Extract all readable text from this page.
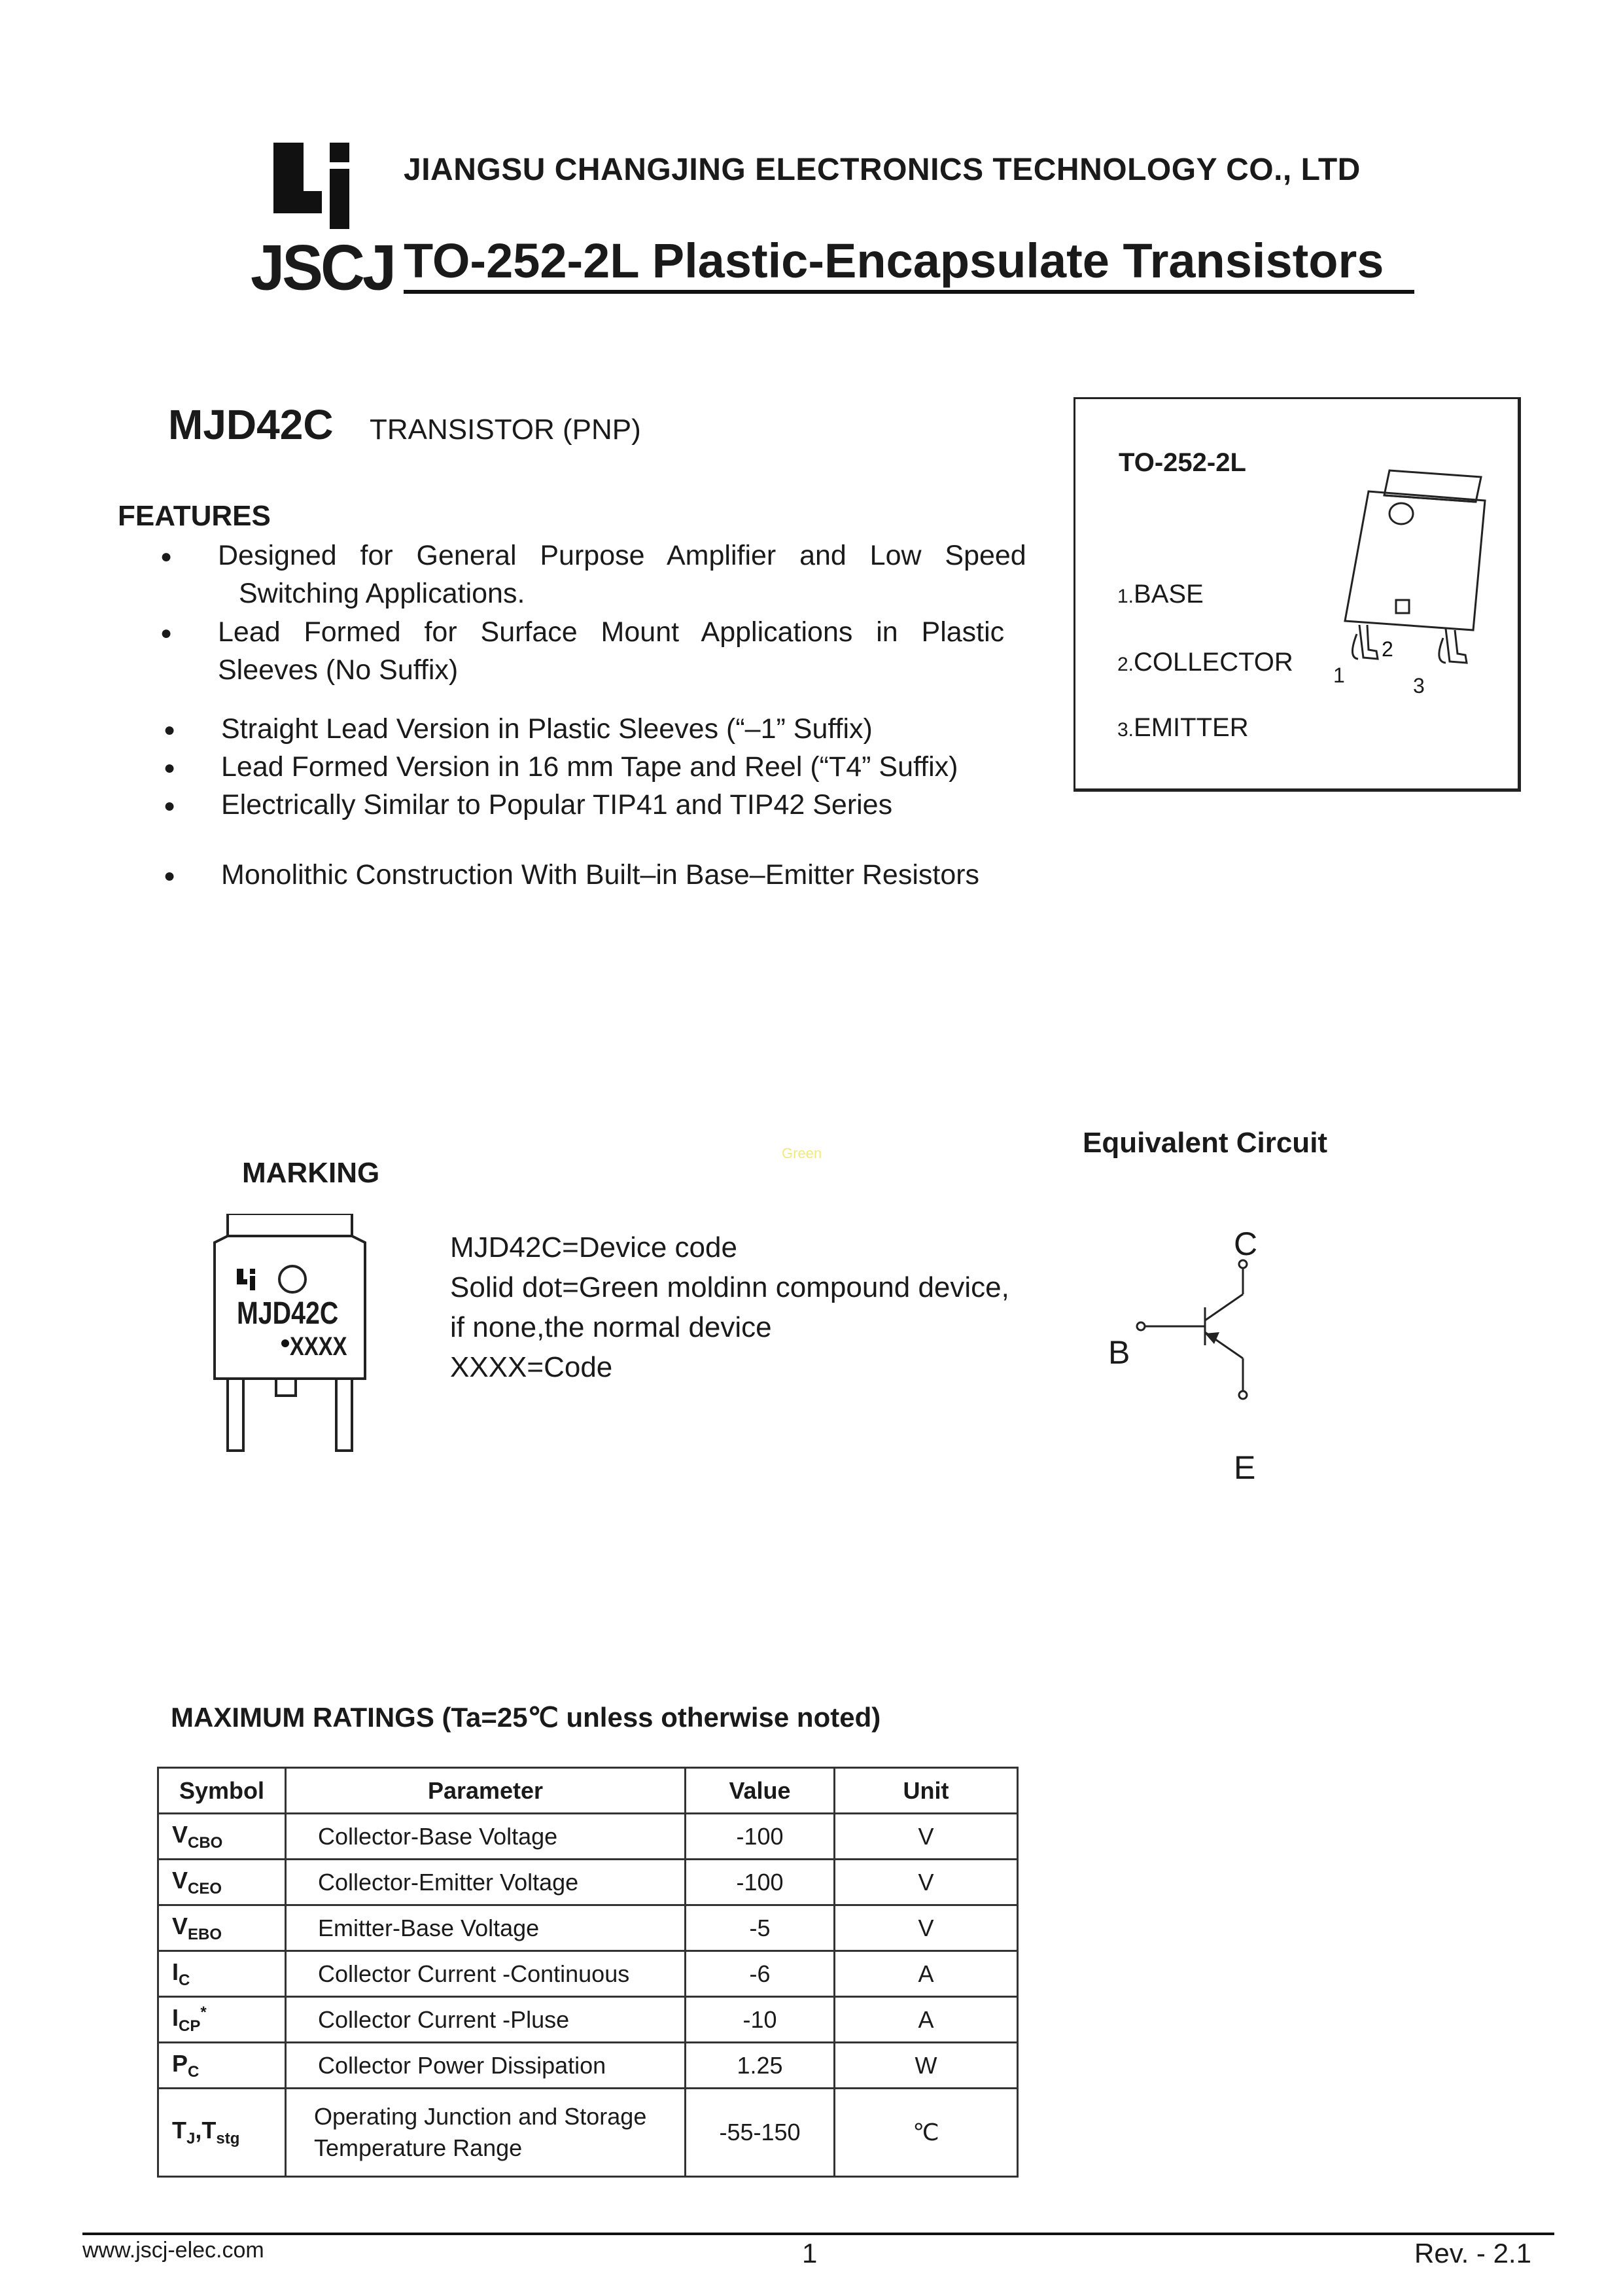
JSCJ
JIANGSU CHANGJING ELECTRONICS TECHNOLOGY CO., LTD
TO-252-2L Plastic-Encapsulate Transistors
MJD42C TRANSISTOR (PNP)
FEATURES
● Designed   for   General   Purpose   Amplifier   and   Low   Speed
Switching Applications.
● Lead   Formed   for   Surface   Mount   Applications   in   Plastic
Sleeves (No Suffix)
● Straight Lead Version in Plastic Sleeves (“–1” Suffix)
● Lead Formed Version in 16 mm Tape and Reel (“T4” Suffix)
● Electrically Similar to Popular TIP41 and TIP42 Series
● Monolithic Construction With Built–in Base–Emitter Resistors
TO-252-2L
1.BASE
2.COLLECTOR
3.EMITTER
2
1	3
MARKING
Green
MJD42C
XXXX
MJD42C=Device code
Solid dot=Green moldinn compound device,
if none,the normal device
XXXX=Code
Equivalent Circuit
C
B
E
MAXIMUM RATINGS (Ta=25℃ unless otherwise noted)
Symbol	Parameter	Value	Unit
$V_{CBO}$	Collector-Base Voltage	-100	V
$V_{CEO}$	Collector-Emitter Voltage	-100	V
$V_{EBO}$	Emitter-Base Voltage	-5	V
$I_C$	Collector Current -Continuous	-6	A
$I_{CP}^*$	Collector Current -Pluse	-10	A
$P_C$	Collector Power Dissipation	1.25	W
$T_J,T_{stg}$	Operating Junction and Storage
Temperature Range	-55-150	℃
www.jscj-elec.com	1	Rev. - 2.1
